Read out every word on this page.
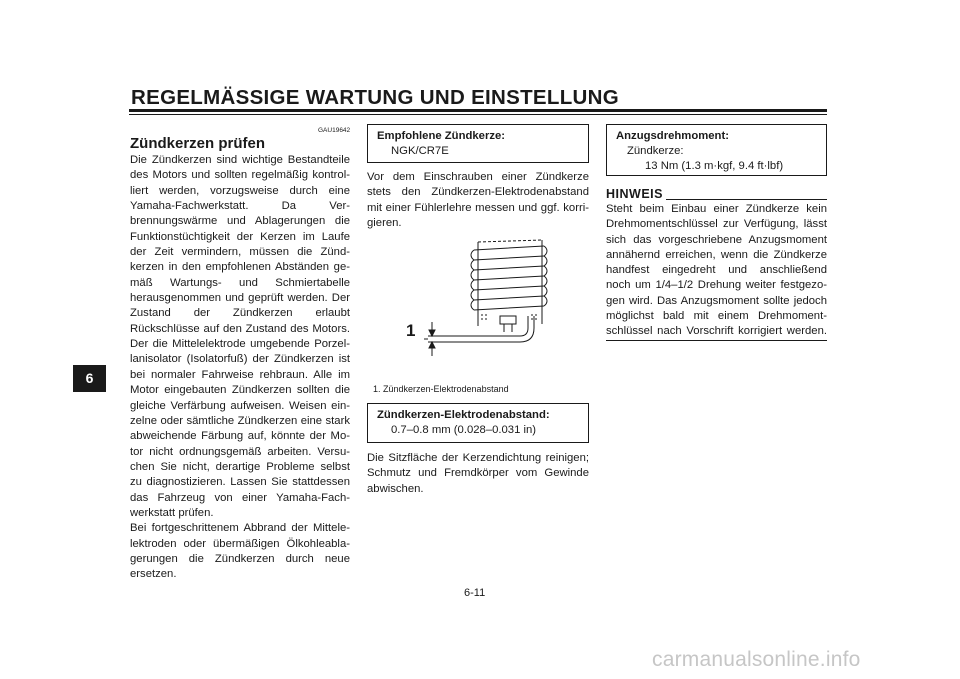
REGELMÄSSIGE WARTUNG UND EINSTELLUNG
6
GAU19642
Zündkerzen prüfen
Die Zündkerzen sind wichtige Bestandteile
des Motors und sollten regelmäßig kontrol-
liert werden, vorzugsweise durch eine
Yamaha-Fachwerkstatt. Da Ver-
brennungswärme und Ablagerungen die
Funktionstüchtigkeit der Kerzen im Laufe
der Zeit vermindern, müssen die Zünd-
kerzen in den empfohlenen Abständen ge-
mäß Wartungs- und Schmiertabelle
herausgenommen und geprüft werden. Der
Zustand der Zündkerzen erlaubt
Rückschlüsse auf den Zustand des Motors.
Der die Mittelelektrode umgebende Porzel-
lanisolator (Isolatorfuß) der Zündkerzen ist
bei normaler Fahrweise rehbraun. Alle im
Motor eingebauten Zündkerzen sollten die
gleiche Verfärbung aufweisen. Weisen ein-
zelne oder sämtliche Zündkerzen eine stark
abweichende Färbung auf, könnte der Mo-
tor nicht ordnungsgemäß arbeiten. Versu-
chen Sie nicht, derartige Probleme selbst
zu diagnostizieren. Lassen Sie stattdessen
das Fahrzeug von einer Yamaha-Fach-
werkstatt prüfen.
Bei fortgeschrittenem Abbrand der Mittele-
lektroden oder übermäßigen Ölkohleabla-
gerungen die Zündkerzen durch neue
ersetzen.
Empfohlene Zündkerze:
NGK/CR7E
Vor dem Einschrauben einer Zündkerze
stets den Zündkerzen-Elektrodenabstand
mit einer Fühlerlehre messen und ggf. korri-
gieren.
1
1. Zündkerzen-Elektrodenabstand
Zündkerzen-Elektrodenabstand:
0.7–0.8 mm (0.028–0.031 in)
Die Sitzfläche der Kerzendichtung reinigen;
Schmutz und Fremdkörper vom Gewinde
abwischen.
Anzugsdrehmoment:
Zündkerze:
13 Nm (1.3 m·kgf, 9.4 ft·lbf)
HINWEIS
Steht beim Einbau einer Zündkerze kein
Drehmomentschlüssel zur Verfügung, lässt
sich das vorgeschriebene Anzugsmoment
annähernd erreichen, wenn die Zündkerze
handfest eingedreht und anschließend
noch um 1/4–1/2 Drehung weiter festgezo-
gen wird. Das Anzugsmoment sollte jedoch
möglichst bald mit einem Drehmoment-
schlüssel nach Vorschrift korrigiert werden.
6-11
carmanualsonline.info
